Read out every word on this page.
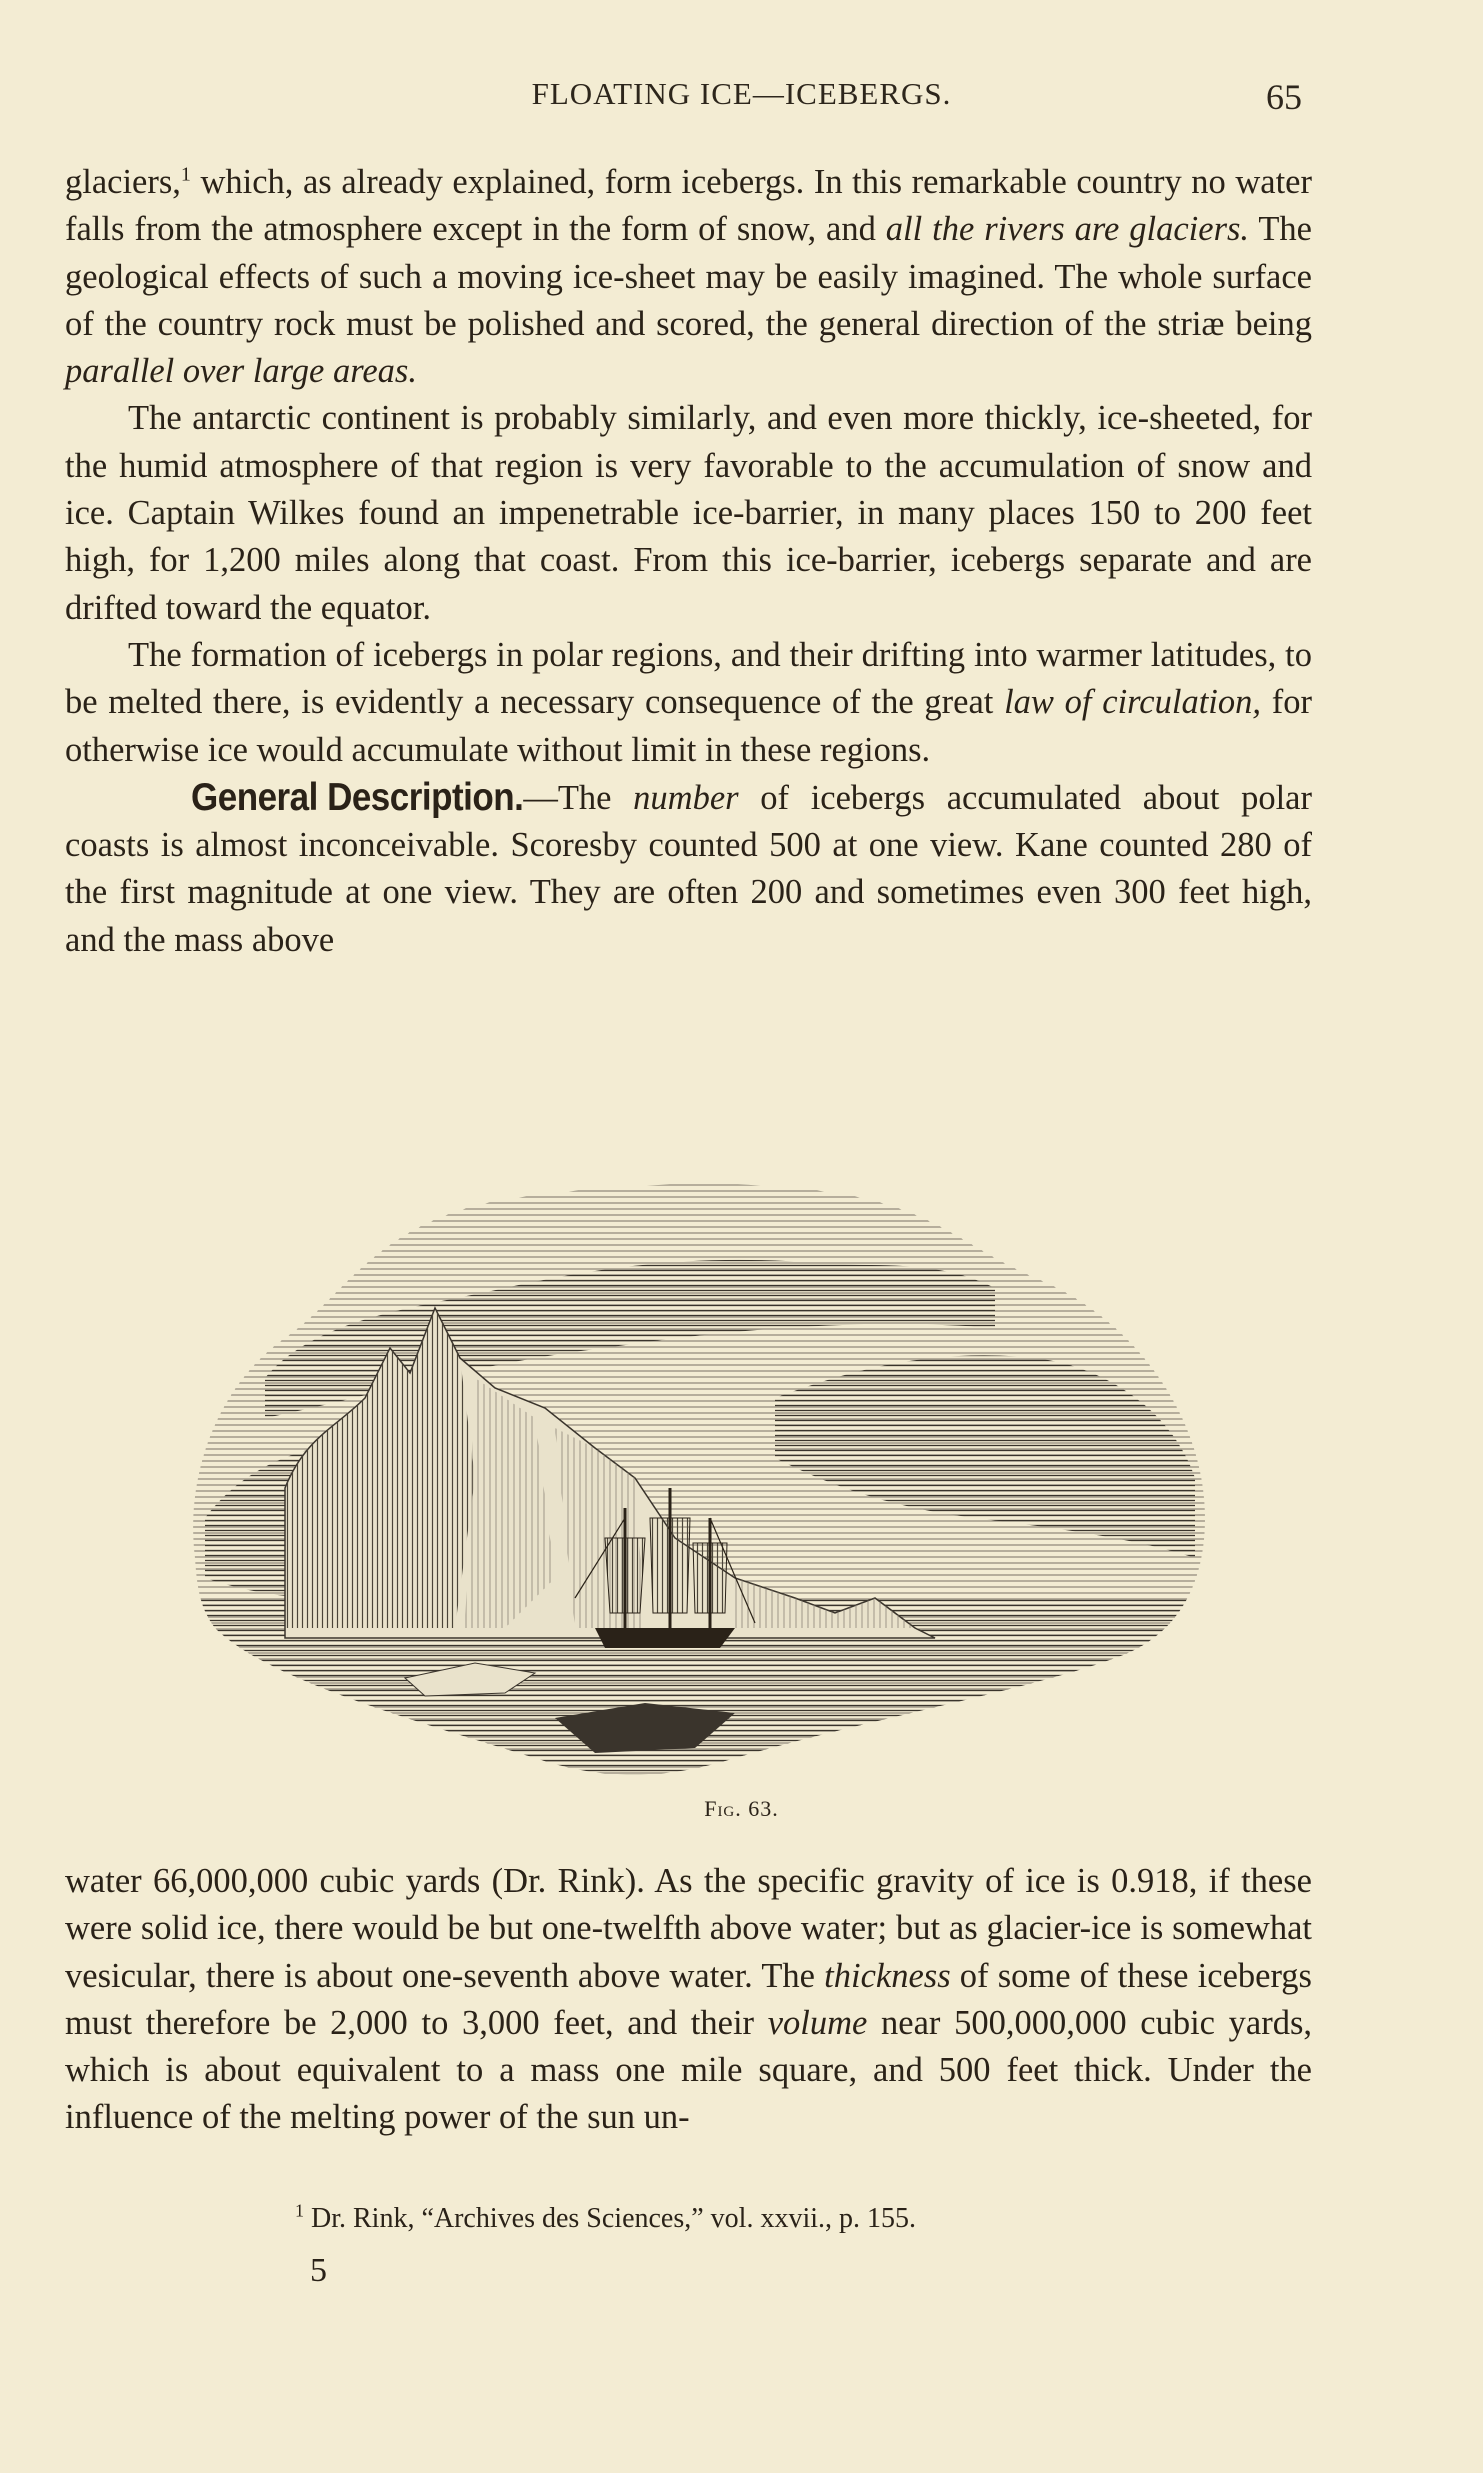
FLOATING ICE—ICEBERGS.	65

glaciers,$^1$ which, as already explained, form icebergs. In this remarkable country no water falls from the atmosphere except in the form of snow, and all the rivers are glaciers. The geological effects of such a moving ice-sheet may be easily imagined. The whole surface of the country rock must be polished and scored, the general direction of the striæ being parallel over large areas.

The antarctic continent is probably similarly, and even more thickly, ice-sheeted, for the humid atmosphere of that region is very favorable to the accumulation of snow and ice. Captain Wilkes found an impenetrable ice-barrier, in many places 150 to 200 feet high, for 1,200 miles along that coast. From this ice-barrier, icebergs separate and are drifted toward the equator.

The formation of icebergs in polar regions, and their drifting into warmer latitudes, to be melted there, is evidently a necessary consequence of the great law of circulation, for otherwise ice would accumulate without limit in these regions.

General Description.—The number of icebergs accumulated about polar coasts is almost inconceivable. Scoresby counted 500 at one view. Kane counted 280 of the first magnitude at one view. They are often 200 and sometimes even 300 feet high, and the mass above

Fig. 63.

water 66,000,000 cubic yards (Dr. Rink). As the specific gravity of ice is 0.918, if these were solid ice, there would be but one-twelfth above water; but as glacier-ice is somewhat vesicular, there is about one-seventh above water. The thickness of some of these icebergs must therefore be 2,000 to 3,000 feet, and their volume near 500,000,000 cubic yards, which is about equivalent to a mass one mile square, and 500 feet thick. Under the influence of the melting power of the sun un-

$^1$ Dr. Rink, “Archives des Sciences,” vol. xxvii., p. 155.
5
